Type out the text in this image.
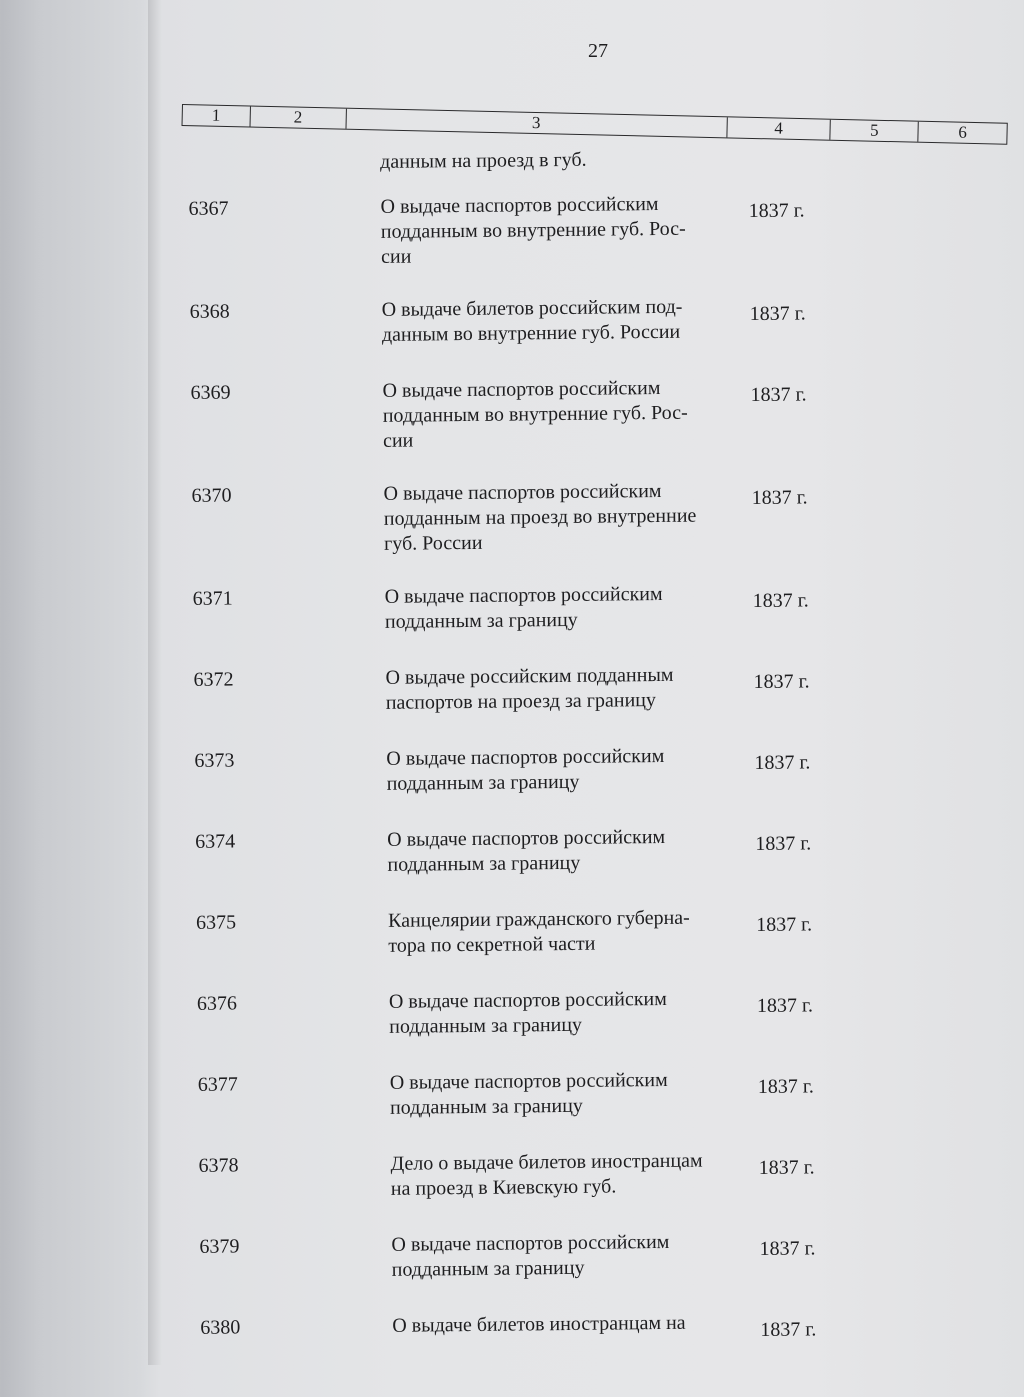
27
1	2	3	4	5	6
данным на проезд в губ.
6367	О выдаче паспортов российским
подданным во внутренние губ. Рос-
сии
1837 г.
6368	О выдаче билетов российским под-
данным во внутренние губ. России
1837 г.
6369	О выдаче паспортов российским
подданным во внутренние губ. Рос-
сии
1837 г.
6370	О выдаче паспортов российским
подданным на проезд во внутренние
губ. России
1837 г.
6371	О выдаче паспортов российским
подданным за границу
1837 г.
6372	О выдаче российским подданным
паспортов на проезд за границу
1837 г.
6373	О выдаче паспортов российским
подданным за границу
1837 г.
6374	О выдаче паспортов российским
подданным за границу
1837 г.
6375	Канцелярии гражданского губерна-
тора по секретной части
1837 г.
6376	О выдаче паспортов российским
подданным за границу
1837 г.
6377	О выдаче паспортов российским
подданным за границу
1837 г.
6378	Дело о выдаче билетов иностранцам
на проезд в Киевскую губ.
1837 г.
6379	О выдаче паспортов российским
подданным за границу
1837 г.
6380	О выдаче билетов иностранцам на	1837 г.
